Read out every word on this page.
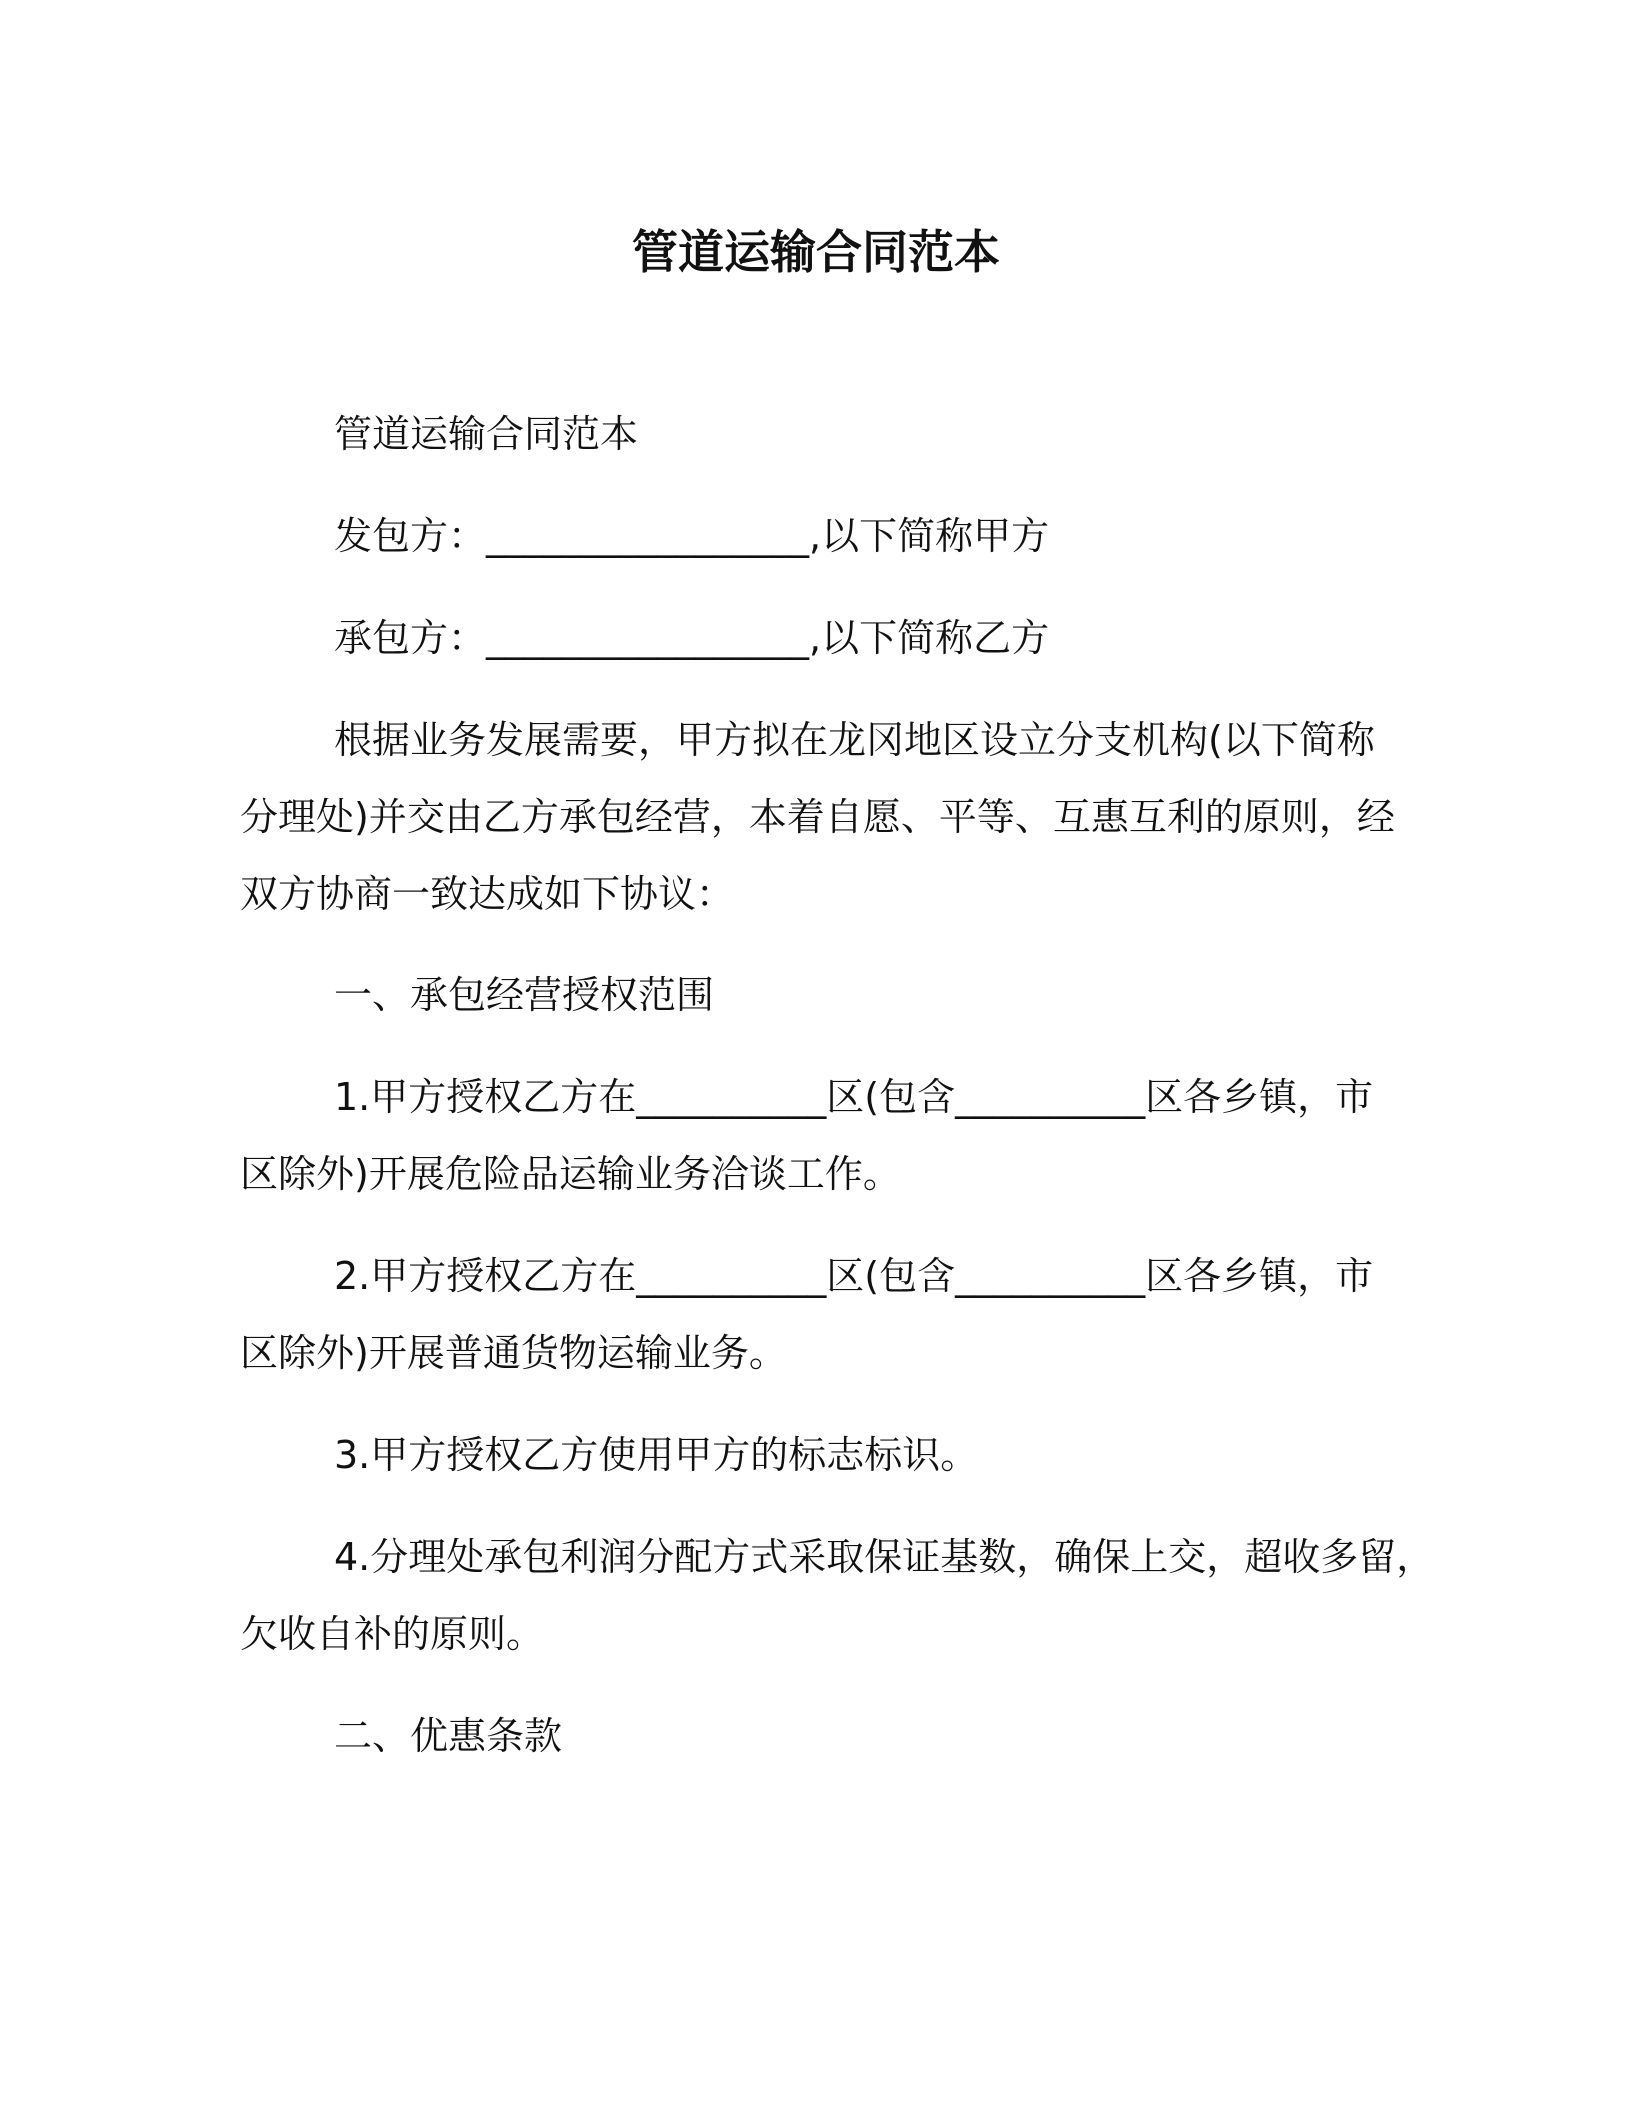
管道运输合同范本
管道运输合同范本
发包方：_________________,以下简称甲方
承包方：_________________,以下简称乙方
根据业务发展需要，甲方拟在龙冈地区设立分支机构(以下简称
分理处)并交由乙方承包经营，本着自愿、平等、互惠互利的原则，经
双方协商一致达成如下协议：
一、承包经营授权范围
1.甲方授权乙方在__________区(包含__________区各乡镇，市
区除外)开展危险品运输业务洽谈工作。
2.甲方授权乙方在__________区(包含__________区各乡镇，市
区除外)开展普通货物运输业务。
3.甲方授权乙方使用甲方的标志标识。
4.分理处承包利润分配方式采取保证基数，确保上交，超收多留，
欠收自补的原则。
二、优惠条款
